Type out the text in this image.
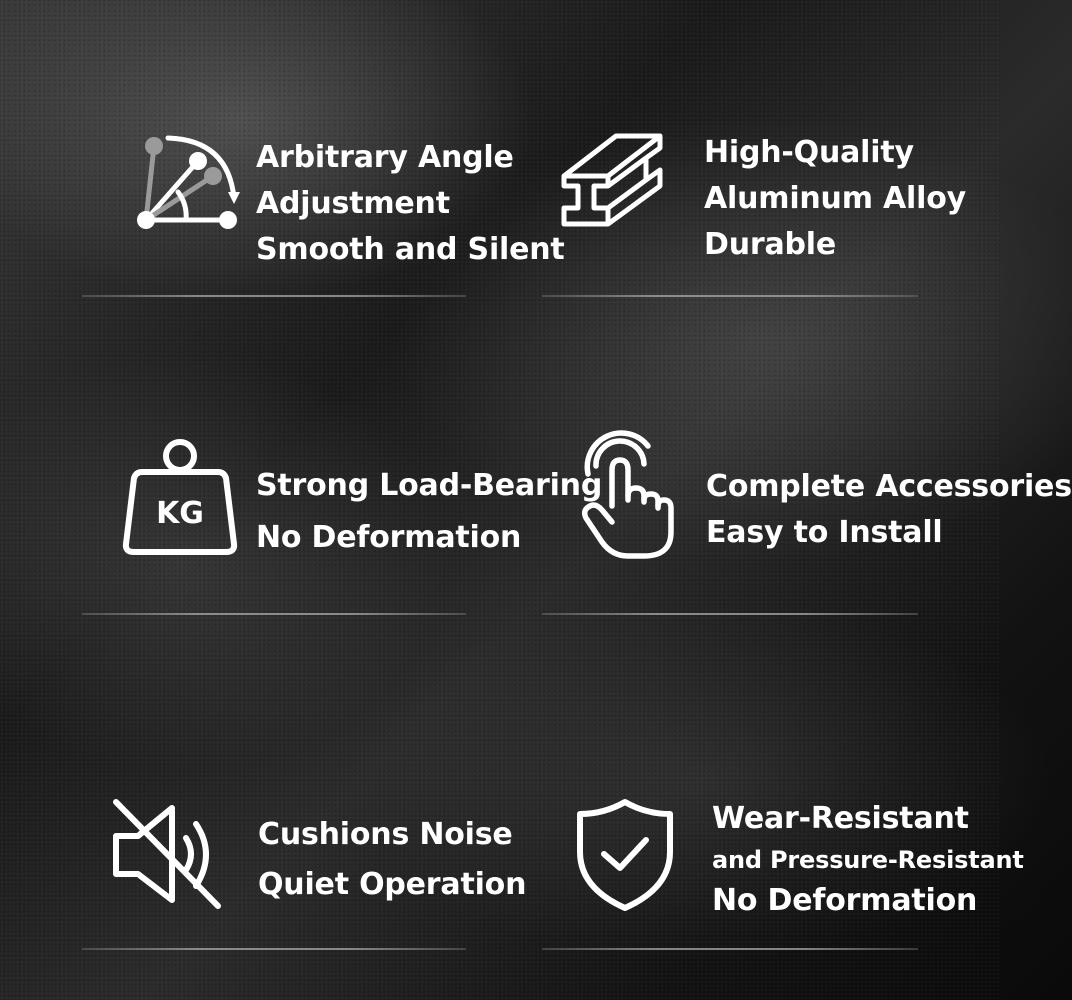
Arbitrary Angle
Adjustment
Smooth and Silent
High-Quality
Aluminum Alloy
Durable
KG
Strong Load-Bearing
No Deformation
Complete Accessories
Easy to Install
Cushions Noise
Quiet Operation
Wear-Resistant
and Pressure-Resistant
No Deformation
